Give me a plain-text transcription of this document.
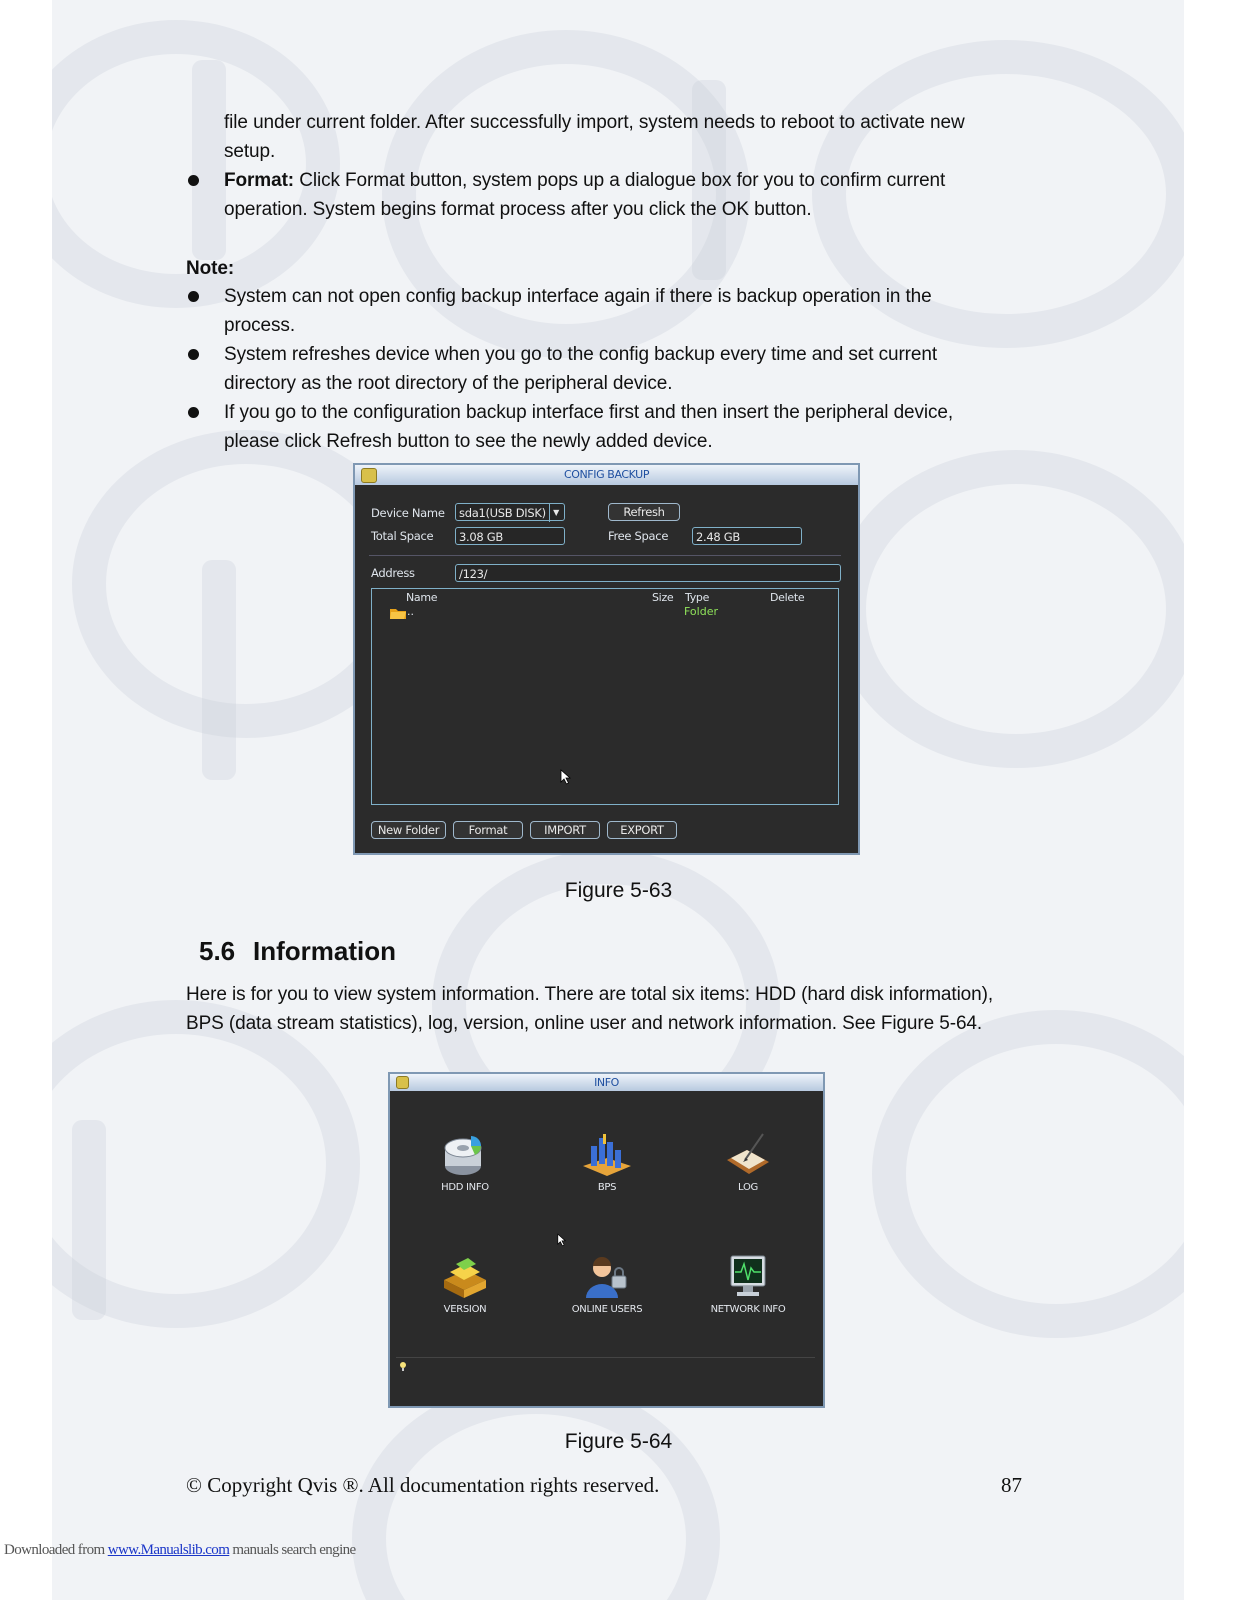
file under current folder. After successfully import, system needs to reboot to activate new
setup.
Format: Click Format button, system pops up a dialogue box for you to confirm current
operation. System begins format process after you click the OK button.
Note:
System can not open config backup interface again if there is backup operation in the
process.
System refreshes device when you go to the config backup every time and set current
directory as the root directory of the peripheral device.
If you go to the configuration backup interface first and then insert the peripheral device,
please click Refresh button to see the newly added device.
CONFIG BACKUP
Device Name	sda1(USB DISK) ▼	Refresh
Total Space	3.08 GB	Free Space	2.48 GB
Address	/123/
Name	Size Type	Delete
..	Folder
New Folder	Format	IMPORT	EXPORT
Figure 5-63
5.6 Information
Here is for you to view system information. There are total six items: HDD (hard disk information),
BPS (data stream statistics), log, version, online user and network information. See Figure 5-64.
INFO
HDD INFO	BPS	LOG
VERSION	ONLINE USERS	NETWORK INFO
Figure 5-64
© Copyright Qvis ®. All documentation rights reserved.	87
Downloaded from www.Manualslib.com manuals search engine
